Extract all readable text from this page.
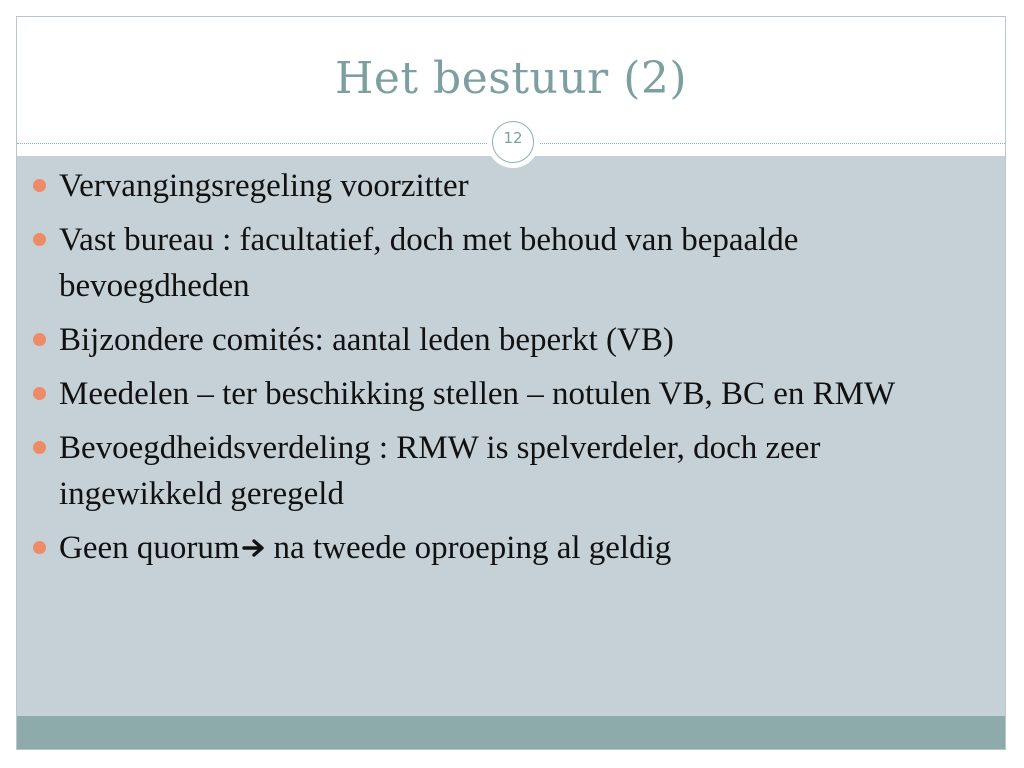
Het bestuur (2)
12
Vervangingsregeling voorzitter
Vast bureau : facultatief, doch met behoud van bepaalde bevoegdheden
Bijzondere comités: aantal leden beperkt (VB)
Meedelen – ter beschikking stellen – notulen VB, BC en RMW
Bevoegdheidsverdeling : RMW is spelverdeler, doch zeer ingewikkeld geregeld
Geen quorum na tweede oproeping al geldig
